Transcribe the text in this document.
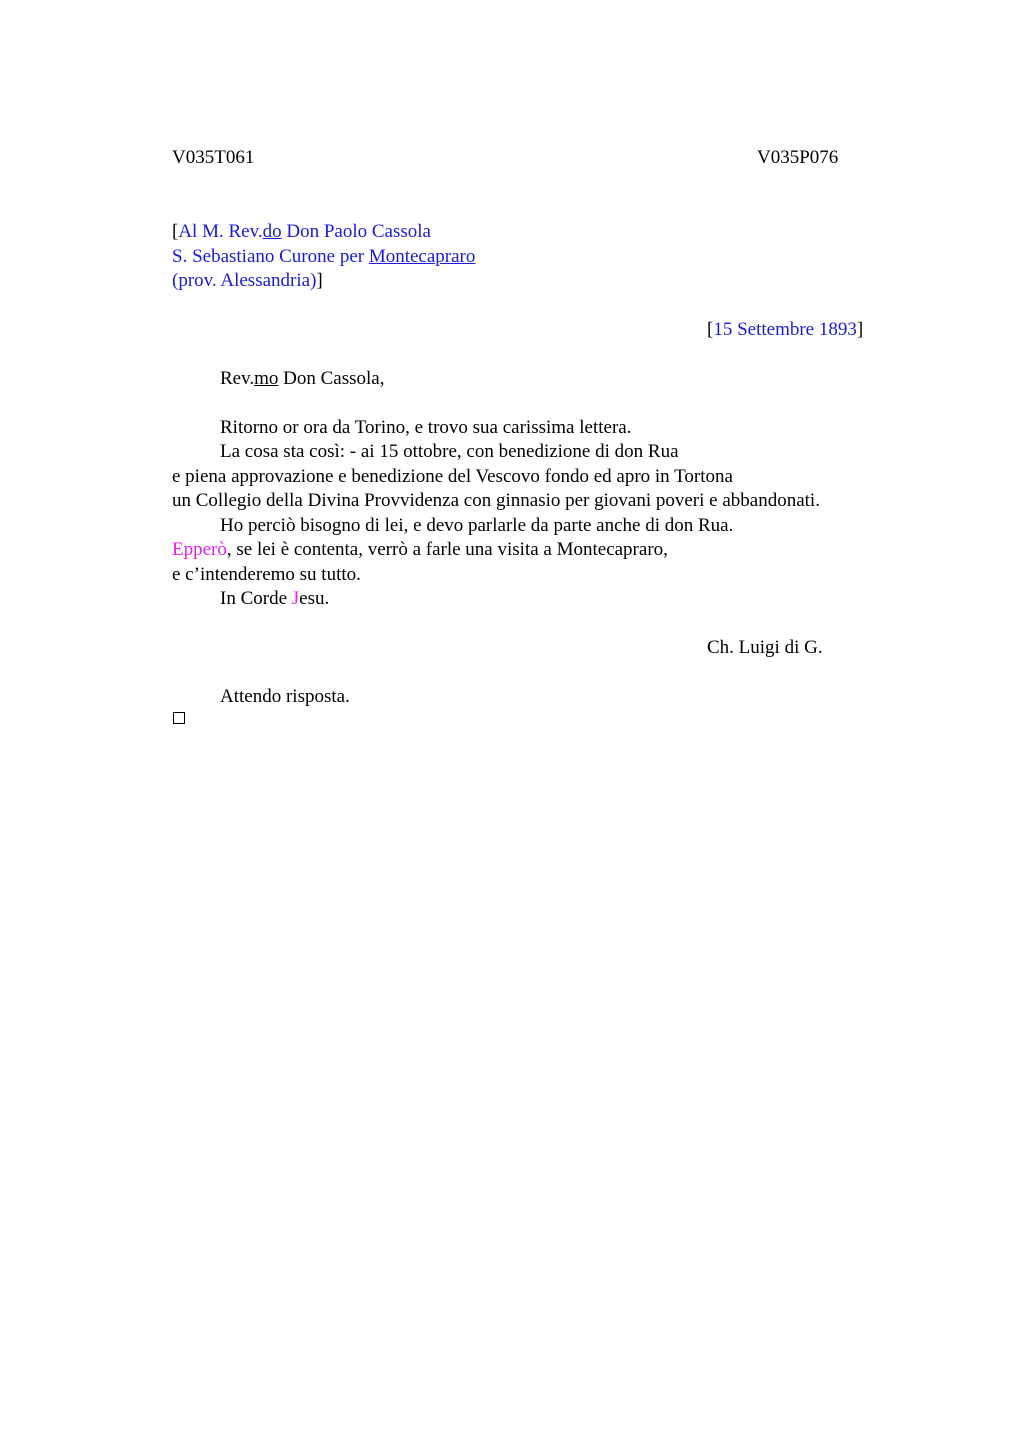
V035T061	V035P076
[Al M. Rev.do Don Paolo Cassola
S. Sebastiano Curone per Montecapraro
(prov. Alessandria)]
[15 Settembre 1893]
Rev.mo Don Cassola,
Ritorno or ora da Torino, e trovo sua carissima lettera.
La cosa sta così: - ai 15 ottobre, con benedizione di don Rua
e piena approvazione e benedizione del Vescovo fondo ed apro in Tortona
un Collegio della Divina Provvidenza con ginnasio per giovani poveri e abbandonati.
Ho perciò bisogno di lei, e devo parlarle da parte anche di don Rua.
Epperò, se lei è contenta, verrò a farle una visita a Montecapraro,
e c’intenderemo su tutto.
In Corde Jesu.
Ch. Luigi di G.
Attendo risposta.
